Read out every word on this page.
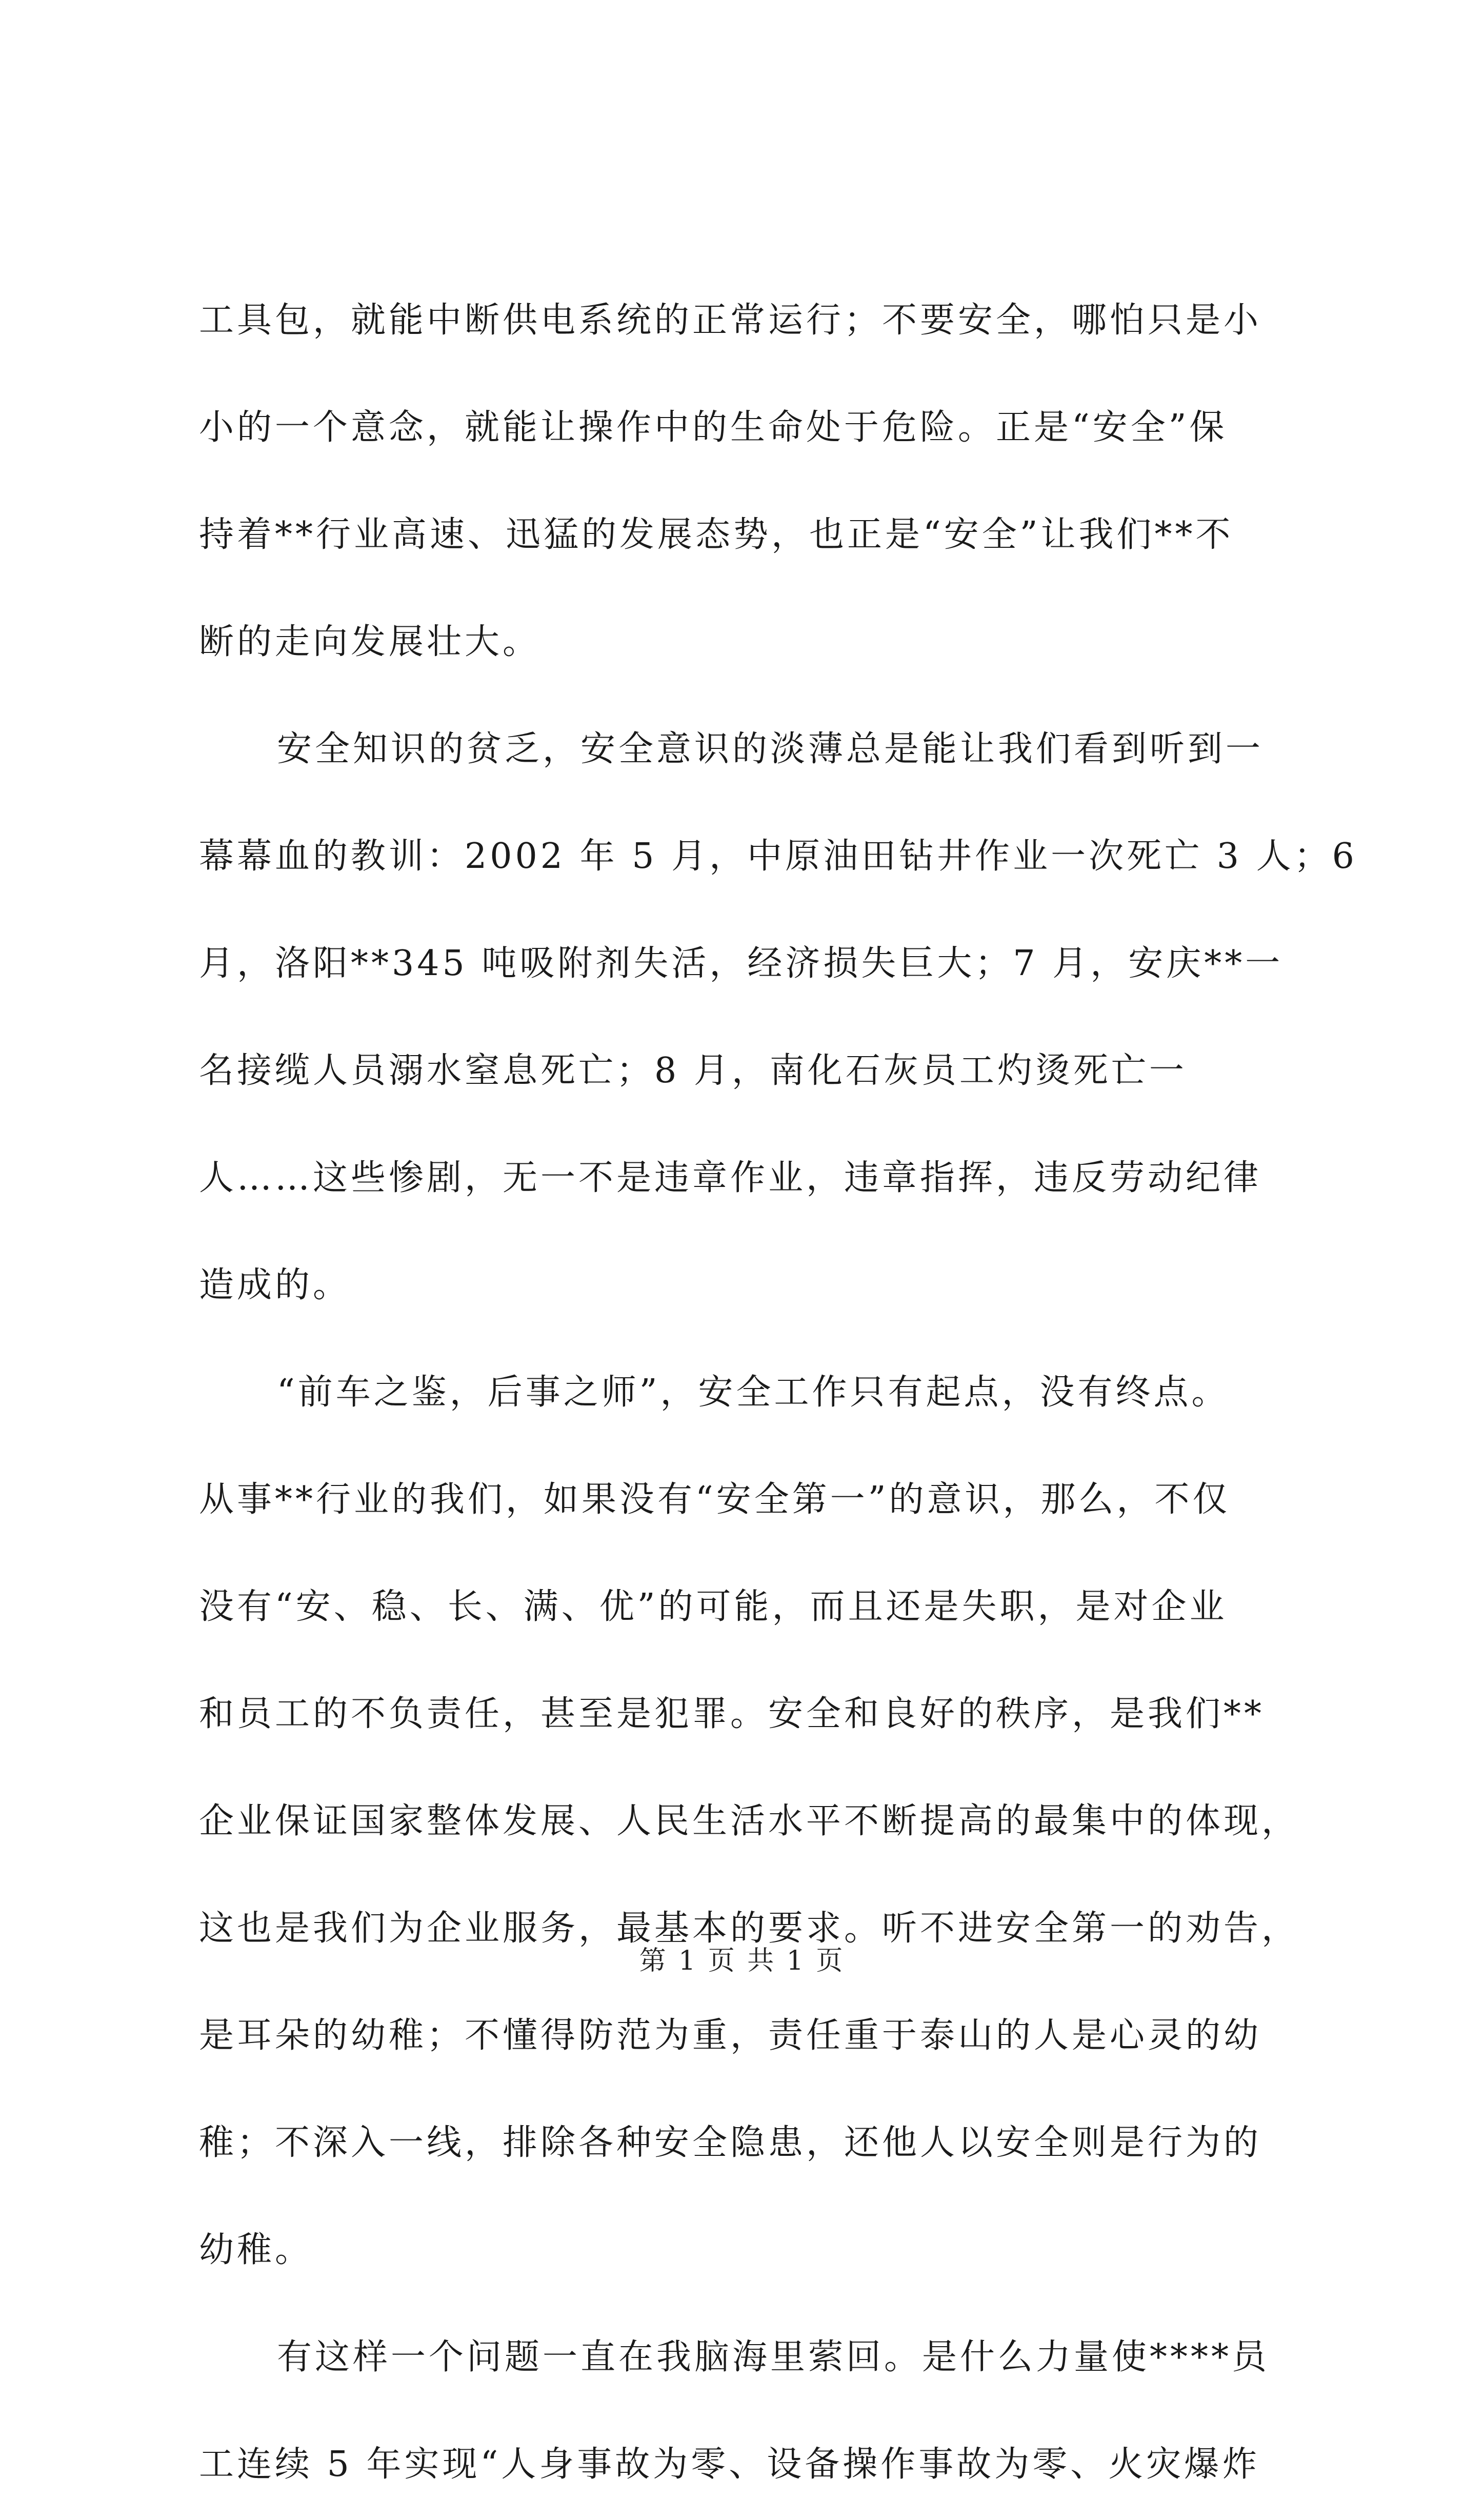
工具包，就能中断供电系统的正常运行；不要安全，哪怕只是小
小的一个意念，就能让操作中的生命处于危险。正是“安全”保
持着**行业高速、迅猛的发展态势，也正是“安全”让我们**不
断的走向发展壮大。
安全知识的贫乏，安全意识的淡薄总是能让我们看到听到一
幕幕血的教训：2002 年 5 月，中原油田钻井作业一次死亡 3 人；6
月，洛阳**345 吨吸附剂失活，经济损失巨大；7 月，安庆**一
名接缆人员溺水窒息死亡；8 月，南化石灰员工灼烫死亡一
人……这些惨剧，无一不是违章作业，违章指挥，违反劳动纪律
造成的。
“前车之鉴，后事之师”，安全工作只有起点，没有终点。
从事**行业的我们，如果没有“安全第一”的意识，那么，不仅
没有“安、稳、长、满、优”的可能，而且还是失职，是对企业
和员工的不负责任，甚至是犯罪。安全和良好的秩序，是我们**
企业保证国家整体发展、人民生活水平不断提高的最集中的体现，
这也是我们为企业服务，最基本的要求。听不进安全第一的劝告，
是耳朵的幼稚；不懂得防范为重，责任重于泰山的人是心灵的幼
稚；不深入一线，排除各种安全隐患，还他人以安全则是行为的
幼稚。
有这样一个问题一直在我脑海里萦回。是什么力量使****员
工连续 5 年实现“人身事故为零、设备操作事故为零、火灾爆炸
第 1 页 共 1 页
